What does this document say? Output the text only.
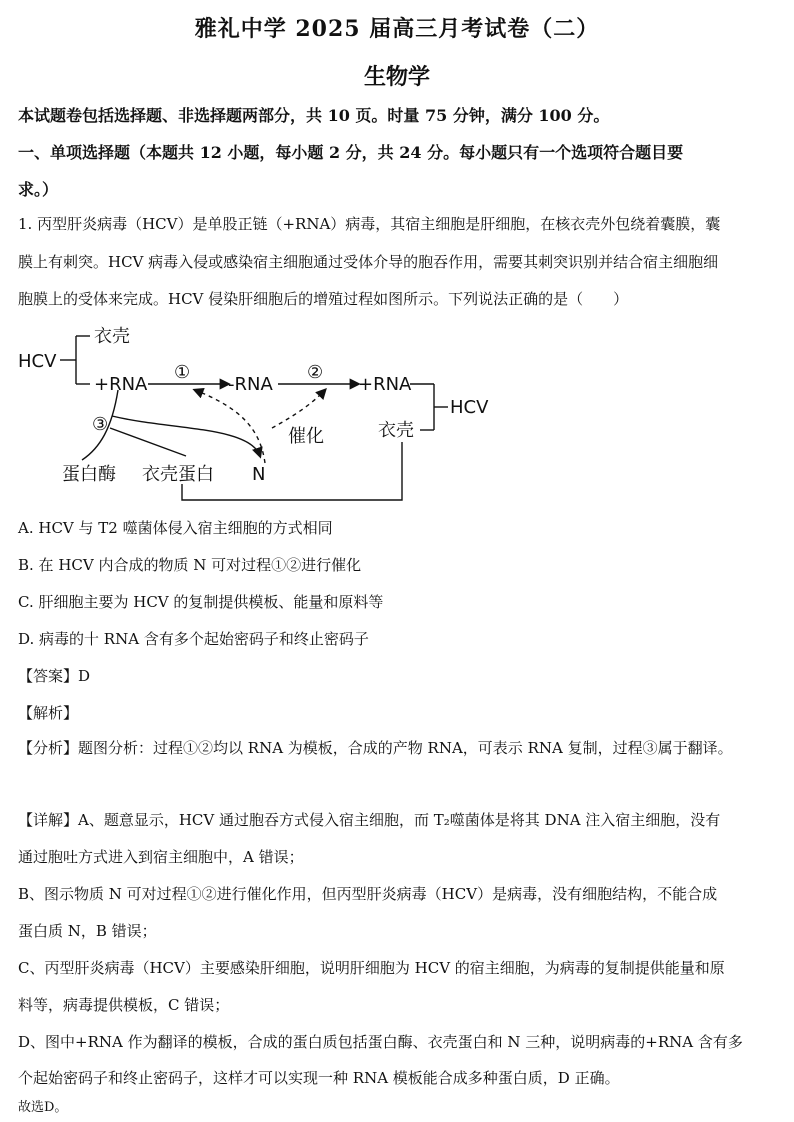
雅礼中学 2025 届高三月考试卷（二）
生物学
本试题卷包括选择题、非选择题两部分，共 10 页。时量 75 分钟，满分 100 分。
一、单项选择题（本题共 12 小题，每小题 2 分，共 24 分。每小题只有一个选项符合题目要
求。）
1. 丙型肝炎病毒（HCV）是单股正链（+RNA）病毒，其宿主细胞是肝细胞，在核衣壳外包绕着囊膜，囊
膜上有刺突。HCV 病毒入侵或感染宿主细胞通过受体介导的胞吞作用，需要其刺突识别并结合宿主细胞细
胞膜上的受体来完成。HCV 侵染肝细胞后的增殖过程如图所示。下列说法正确的是（　　）
HCV
衣壳
+RNA
①
-RNA
②
+RNA
HCV
衣壳
催化
③
蛋白酶 衣壳蛋白 N
A. HCV 与 T2 噬菌体侵入宿主细胞的方式相同
B. 在 HCV 内合成的物质 N 可对过程①②进行催化
C. 肝细胞主要为 HCV 的复制提供模板、能量和原料等
D. 病毒的十 RNA 含有多个起始密码子和终止密码子
【答案】D
【解析】
【分析】题图分析：过程①②均以 RNA 为模板，合成的产物 RNA，可表示 RNA 复制，过程③属于翻译。
【详解】A、题意显示，HCV 通过胞吞方式侵入宿主细胞，而 T₂噬菌体是将其 DNA 注入宿主细胞，没有
通过胞吐方式进入到宿主细胞中，A 错误；
B、图示物质 N 可对过程①②进行催化作用，但丙型肝炎病毒（HCV）是病毒，没有细胞结构，不能合成
蛋白质 N，B 错误；
C、丙型肝炎病毒（HCV）主要感染肝细胞，说明肝细胞为 HCV 的宿主细胞，为病毒的复制提供能量和原
料等，病毒提供模板，C 错误；
D、图中+RNA 作为翻译的模板，合成的蛋白质包括蛋白酶、衣壳蛋白和 N 三种，说明病毒的+RNA 含有多
个起始密码子和终止密码子，这样才可以实现一种 RNA 模板能合成多种蛋白质，D 正确。
故选D。
